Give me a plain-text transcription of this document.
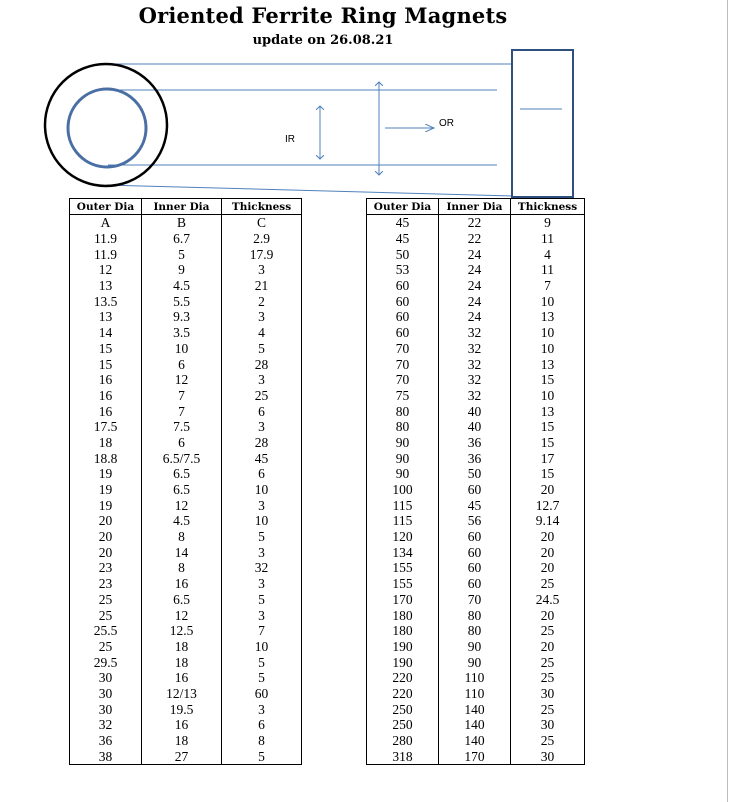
Oriented Ferrite Ring Magnets
update on 26.08.21
IR
OR
Outer Dia	Inner Dia	Thickness
A	B	C
11.9	6.7	2.9
11.9	5	17.9
12	9	3
13	4.5	21
13.5	5.5	2
13	9.3	3
14	3.5	4
15	10	5
15	6	28
16	12	3
16	7	25
16	7	6
17.5	7.5	3
18	6	28
18.8	6.5/7.5	45
19	6.5	6
19	6.5	10
19	12	3
20	4.5	10
20	8	5
20	14	3
23	8	32
23	16	3
25	6.5	5
25	12	3
25.5	12.5	7
25	18	10
29.5	18	5
30	16	5
30	12/13	60
30	19.5	3
32	16	6
36	18	8
38	27	5
Outer Dia	Inner Dia	Thickness
45	22	9
45	22	11
50	24	4
53	24	11
60	24	7
60	24	10
60	24	13
60	32	10
70	32	10
70	32	13
70	32	15
75	32	10
80	40	13
80	40	15
90	36	15
90	36	17
90	50	15
100	60	20
115	45	12.7
115	56	9.14
120	60	20
134	60	20
155	60	20
155	60	25
170	70	24.5
180	80	20
180	80	25
190	90	20
190	90	25
220	110	25
220	110	30
250	140	25
250	140	30
280	140	25
318	170	30
